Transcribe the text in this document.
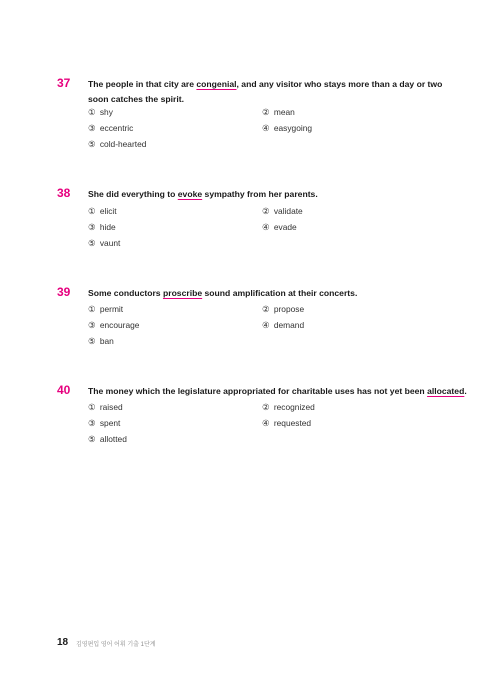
37 The people in that city are congenial, and any visitor who stays more than a day or two soon catches the spirit.
① shy	② mean
③ eccentric	④ easygoing
⑤ cold-hearted
38 She did everything to evoke sympathy from her parents.
① elicit	② validate
③ hide	④ evade
⑤ vaunt
39 Some conductors proscribe sound amplification at their concerts.
① permit	② propose
③ encourage	④ demand
⑤ ban
40 The money which the legislature appropriated for charitable uses has not yet been allocated.
① raised	② recognized
③ spent	④ requested
⑤ allotted
18 김영편입 영어 어휘 기출 1단계
